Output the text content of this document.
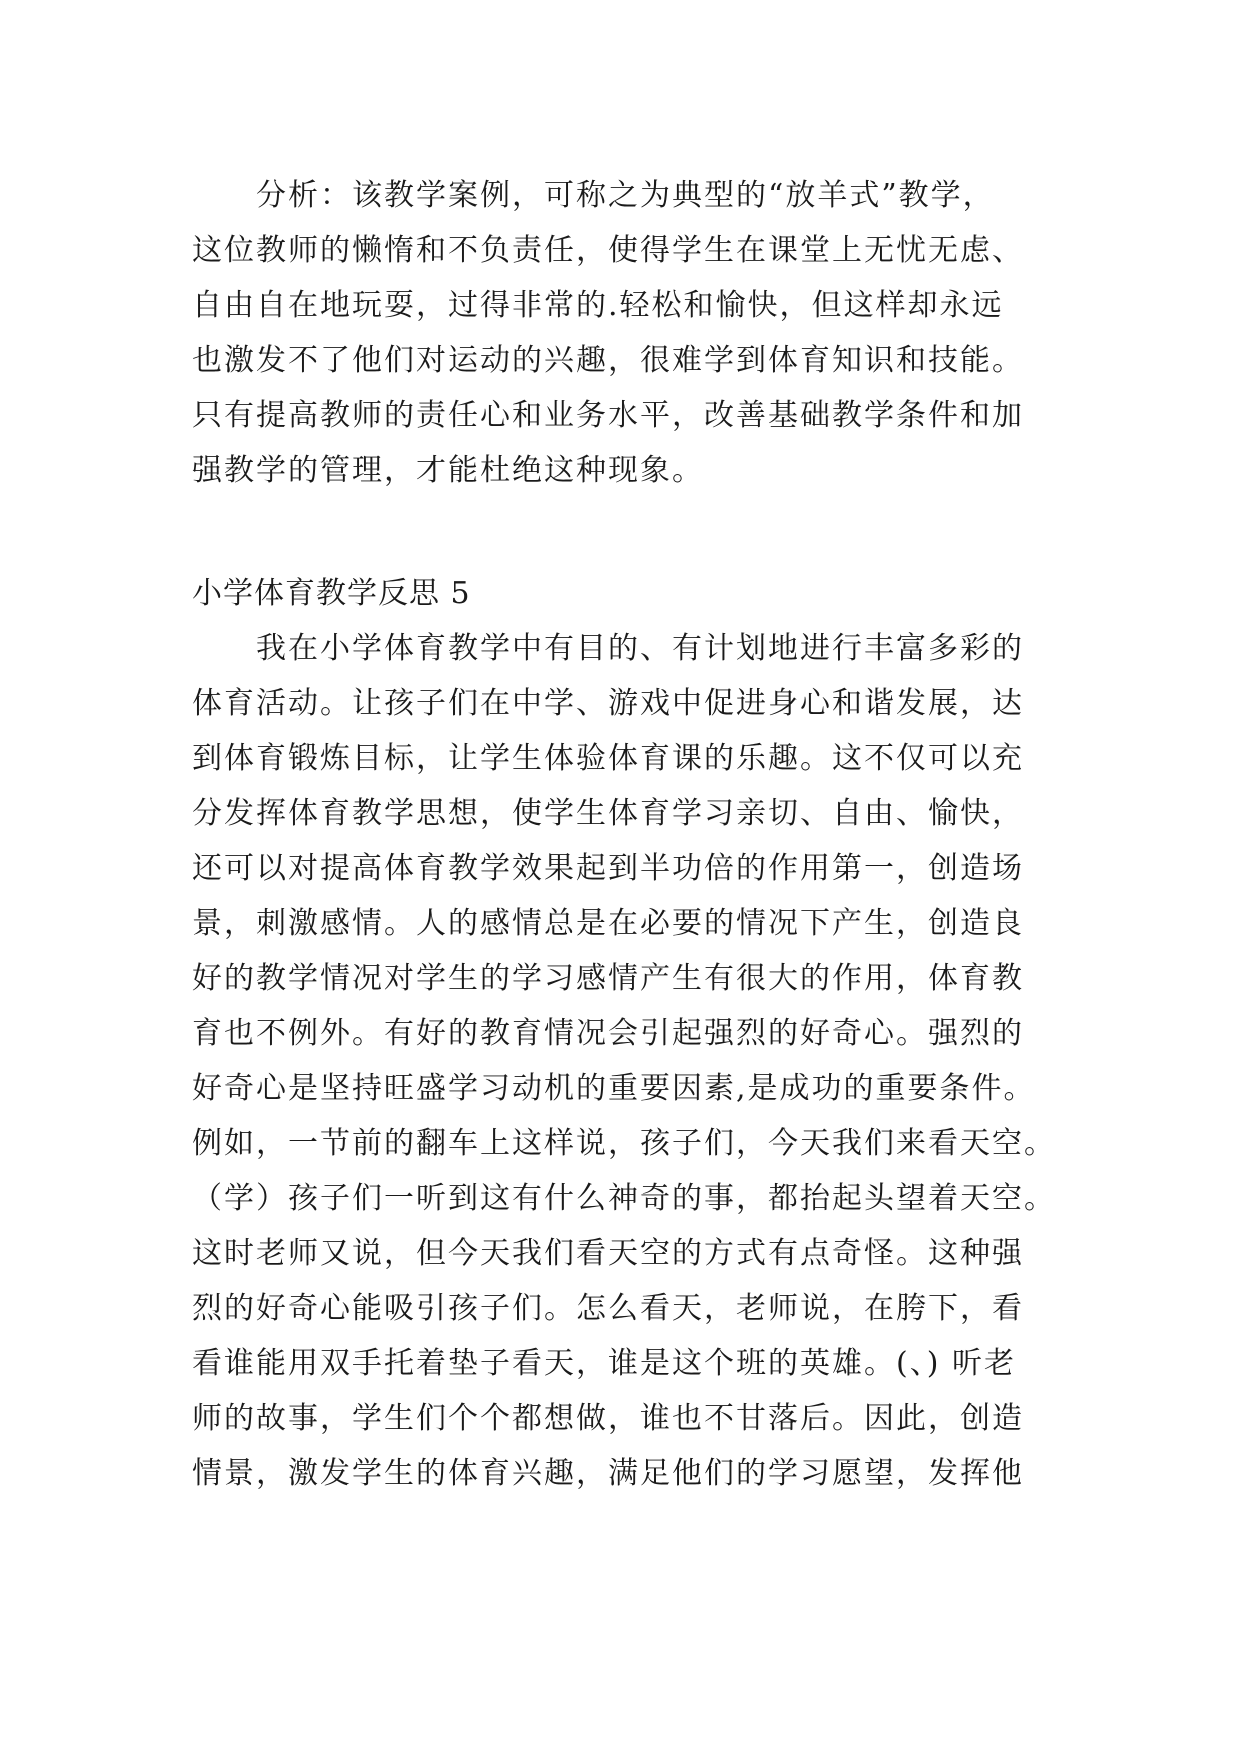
分析：该教学案例，可称之为典型的“放羊式”教学，
这位教师的懒惰和不负责任，使得学生在课堂上无忧无虑、
自由自在地玩耍，过得非常的.轻松和愉快，但这样却永远
也激发不了他们对运动的兴趣，很难学到体育知识和技能。
只有提高教师的责任心和业务水平，改善基础教学条件和加
强教学的管理，才能杜绝这种现象。
小学体育教学反思 5
我在小学体育教学中有目的、有计划地进行丰富多彩的
体育活动。让孩子们在中学、游戏中促进身心和谐发展，达
到体育锻炼目标，让学生体验体育课的乐趣。这不仅可以充
分发挥体育教学思想，使学生体育学习亲切、自由、愉快，
还可以对提高体育教学效果起到半功倍的作用第一，创造场
景，刺激感情。人的感情总是在必要的情况下产生，创造良
好的教学情况对学生的学习感情产生有很大的作用，体育教
育也不例外。有好的教育情况会引起强烈的好奇心。强烈的
好奇心是坚持旺盛学习动机的重要因素,是成功的重要条件。
例如，一节前的翻车上这样说，孩子们，今天我们来看天空。
（学）孩子们一听到这有什么神奇的事，都抬起头望着天空。
这时老师又说，但今天我们看天空的方式有点奇怪。这种强
烈的好奇心能吸引孩子们。怎么看天，老师说，在胯下，看
看谁能用双手托着垫子看天，谁是这个班的英雄。(、) 听老
师的故事，学生们个个都想做，谁也不甘落后。因此，创造
情景，激发学生的体育兴趣，满足他们的学习愿望，发挥他
